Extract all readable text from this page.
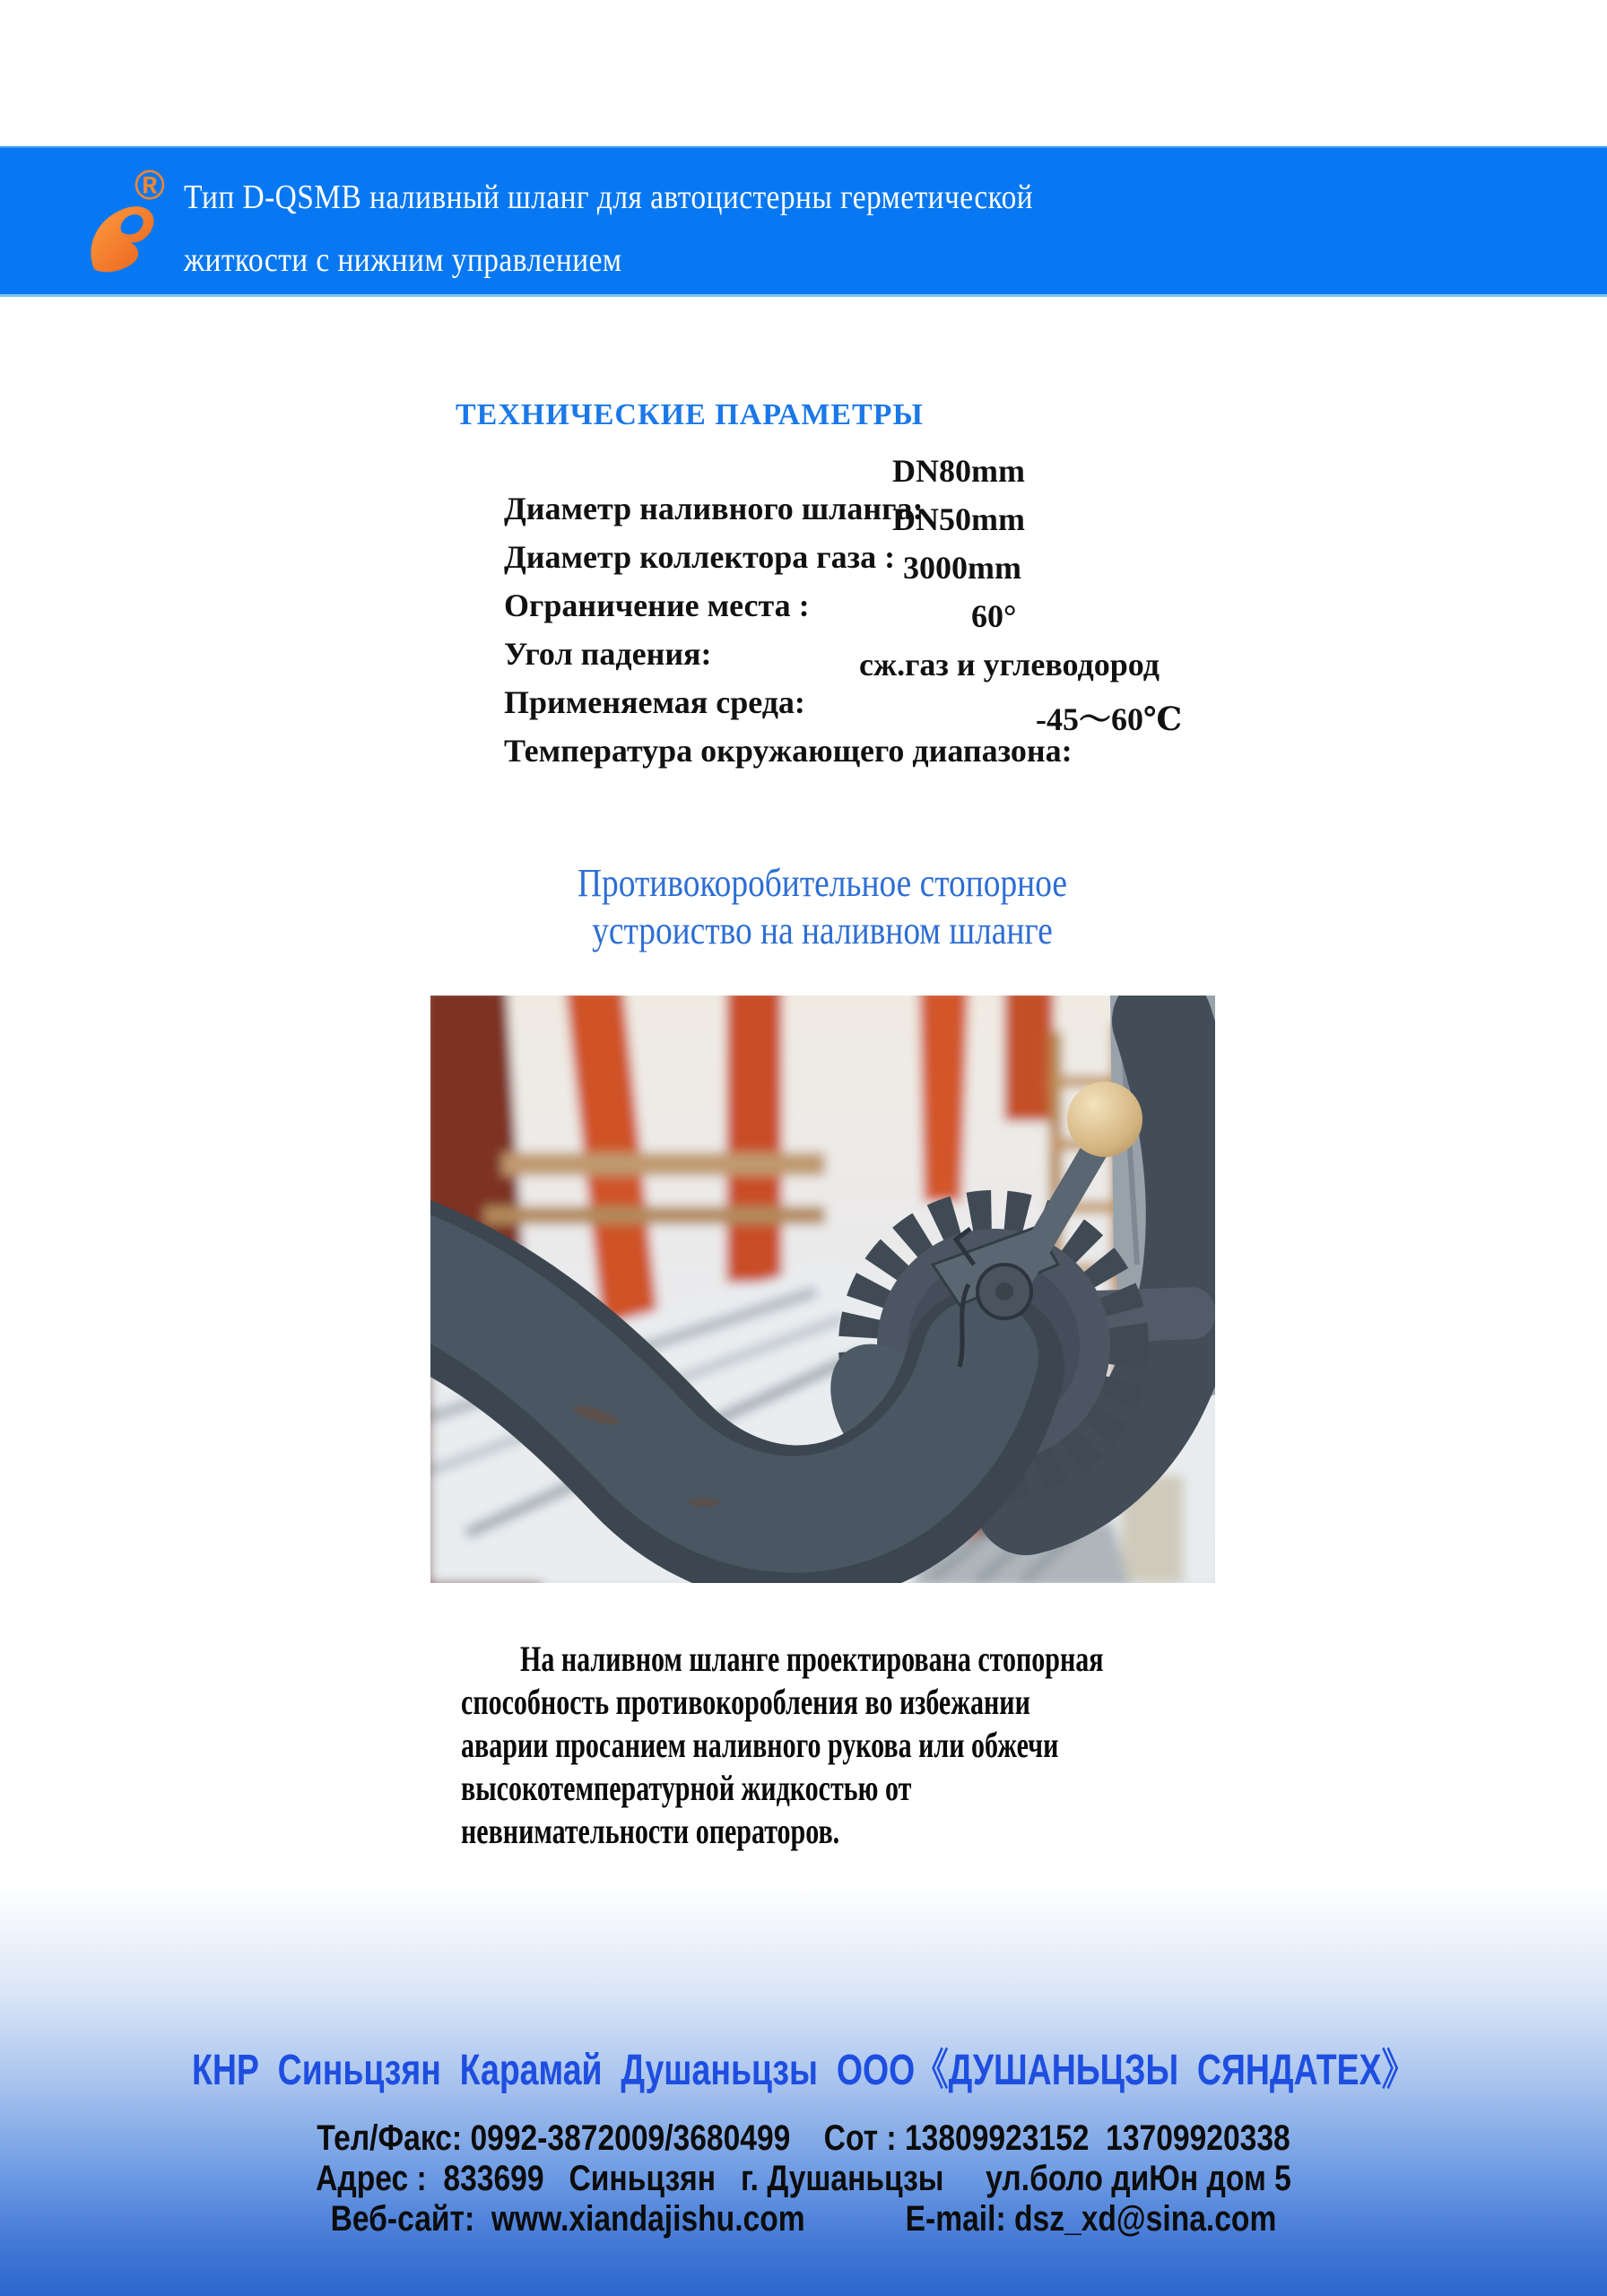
® Тип D-QSMB наливный шланг для автоцистерны герметической
житкости с нижним управлением
ТЕХНИЧЕСКИЕ ПАРАМЕТРЫ

Диаметр наливного шланга:

DN80mm

Диаметр коллектора газа :

DN50mm

Ограничение места :

3000mm

Угол падения:

60°

Применяемая среда:

сж.газ и углеводород

Температура окружающего диапазона:

-45～60℃

Противокоробительное стопорное
устроиство на наливном шланге
На наливном шланге проектирована стопорная
способность противокоробления во избежании
аварии просанием наливного рукова или обжечи
высокотемпературной жидкостью от
невнимательности операторов.
КНР  Синьцзян  Карамай  Душаньцзы  ООО《ДУШАНЬЦЗЫ  СЯНДАТЕХ》
Тел/Факс: 0992-3872009/3680499    Сот : 13809923152  13709920338
Адрес :  833699   Синьцзян   г. Душаньцзы     ул.боло диЮн дом 5
Веб-сайт:  www.xiandajishu.com            E-mail: dsz_xd@sina.com
